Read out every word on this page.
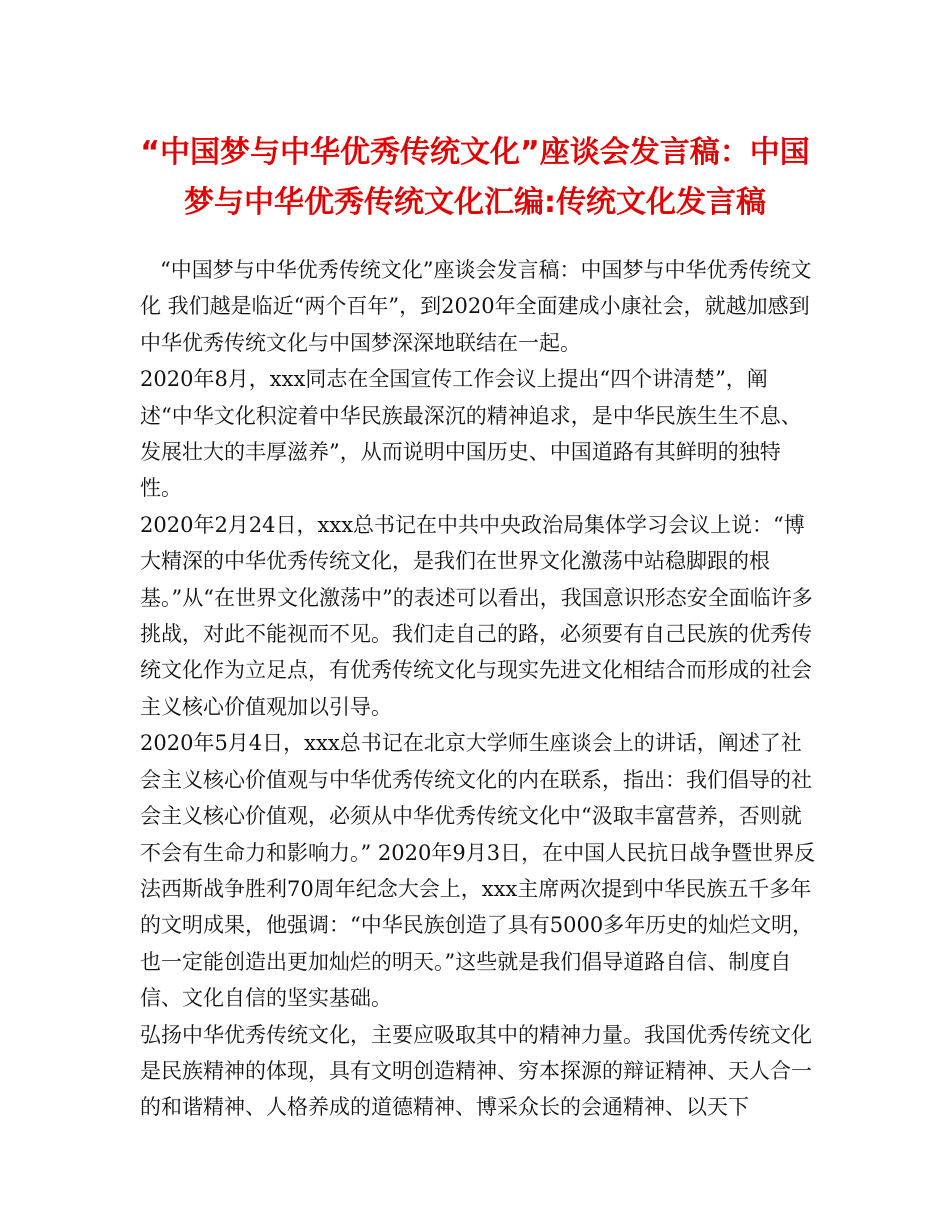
“中国梦与中华优秀传统文化”座谈会发言稿：中国
梦与中华优秀传统文化汇编:传统文化发言稿

“中国梦与中华优秀传统文化”座谈会发言稿：中国梦与中华优秀传统文化 我们越是临近“两个百年”，到2020年全面建成小康社会，就越加感到中华优秀传统文化与中国梦深深地联结在一起。

2020年8月，xxx同志在全国宣传工作会议上提出“四个讲清楚”，阐述“中华文化积淀着中华民族最深沉的精神追求，是中华民族生生不息、发展壮大的丰厚滋养”，从而说明中国历史、中国道路有其鲜明的独特性。

2020年2月24日，xxx总书记在中共中央政治局集体学习会议上说：“博大精深的中华优秀传统文化，是我们在世界文化激荡中站稳脚跟的根基。”从“在世界文化激荡中”的表述可以看出，我国意识形态安全面临许多挑战，对此不能视而不见。我们走自己的路，必须要有自己民族的优秀传统文化作为立足点，有优秀传统文化与现实先进文化相结合而形成的社会主义核心价值观加以引导。

2020年5月4日，xxx总书记在北京大学师生座谈会上的讲话，阐述了社会主义核心价值观与中华优秀传统文化的内在联系，指出：我们倡导的社会主义核心价值观，必须从中华优秀传统文化中“汲取丰富营养，否则就不会有生命力和影响力。” 2020年9月3日，在中国人民抗日战争暨世界反法西斯战争胜利70周年纪念大会上，xxx主席两次提到中华民族五千多年的文明成果，他强调：“中华民族创造了具有5000多年历史的灿烂文明，也一定能创造出更加灿烂的明天。”这些就是我们倡导道路自信、制度自信、文化自信的坚实基础。

弘扬中华优秀传统文化，主要应吸取其中的精神力量。我国优秀传统文化是民族精神的体现，具有文明创造精神、穷本探源的辩证精神、天人合一的和谐精神、人格养成的道德精神、博采众长的会通精神、以天下
